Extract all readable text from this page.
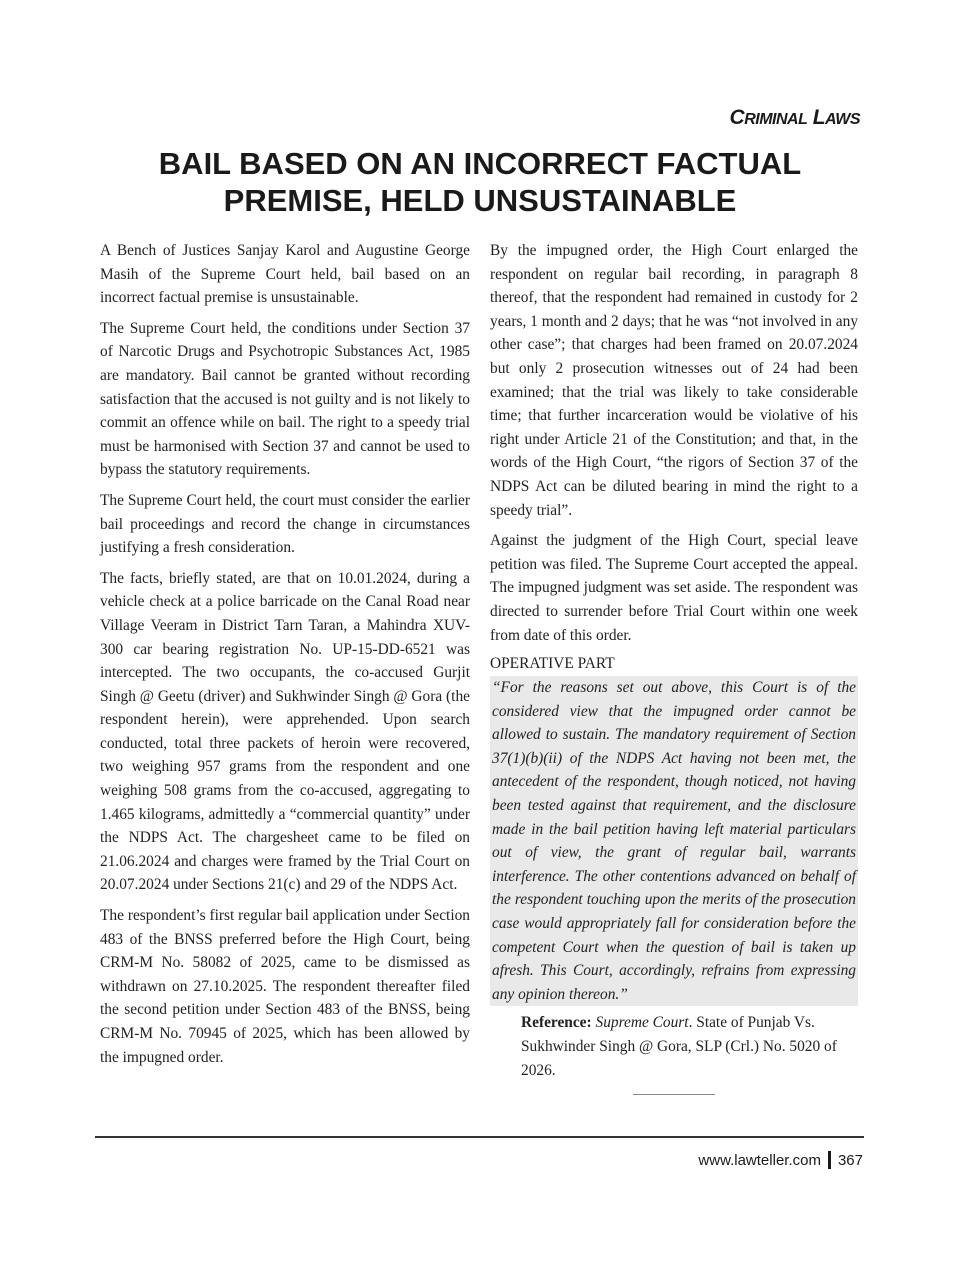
CRIMINAL LAWS
BAIL BASED ON AN INCORRECT FACTUAL
PREMISE, HELD UNSUSTAINABLE

A Bench of Justices Sanjay Karol and Augustine George Masih of the Supreme Court held, bail based on an incorrect factual premise is unsustainable.

The Supreme Court held, the conditions under Section 37 of Narcotic Drugs and Psychotropic Substances Act, 1985 are mandatory. Bail cannot be granted without recording satisfaction that the accused is not guilty and is not likely to commit an offence while on bail. The right to a speedy trial must be harmonised with Section 37 and cannot be used to bypass the statutory requirements.

The Supreme Court held, the court must consider the earlier bail proceedings and record the change in circumstances justifying a fresh consideration.

The facts, briefly stated, are that on 10.01.2024, during a vehicle check at a police barricade on the Canal Road near Village Veeram in District Tarn Taran, a Mahindra XUV-300 car bearing registration No. UP-15-DD-6521 was intercepted. The two occupants, the co-accused Gurjit Singh @ Geetu (driver) and Sukhwinder Singh @ Gora (the respondent herein), were apprehended. Upon search conducted, total three packets of heroin were recovered, two weighing 957 grams from the respondent and one weighing 508 grams from the co-accused, aggregating to 1.465 kilograms, admittedly a “commercial quantity” under the NDPS Act. The chargesheet came to be filed on 21.06.2024 and charges were framed by the Trial Court on 20.07.2024 under Sections 21(c) and 29 of the NDPS Act.

The respondent’s first regular bail application under Section 483 of the BNSS preferred before the High Court, being CRM-M No. 58082 of 2025, came to be dismissed as withdrawn on 27.10.2025. The respondent thereafter filed the second petition under Section 483 of the BNSS, being CRM-M No. 70945 of 2025, which has been allowed by the impugned order.

By the impugned order, the High Court enlarged the respondent on regular bail recording, in paragraph 8 thereof, that the respondent had remained in custody for 2 years, 1 month and 2 days; that he was “not involved in any other case”; that charges had been framed on 20.07.2024 but only 2 prosecution witnesses out of 24 had been examined; that the trial was likely to take considerable time; that further incarceration would be violative of his right under Article 21 of the Constitution; and that, in the words of the High Court, “the rigors of Section 37 of the NDPS Act can be diluted bearing in mind the right to a speedy trial”.

Against the judgment of the High Court, special leave petition was filed. The Supreme Court accepted the appeal. The impugned judgment was set aside. The respondent was directed to surrender before Trial Court within one week from date of this order.

OPERATIVE PART
“For the reasons set out above, this Court is of the considered view that the impugned order cannot be allowed to sustain. The mandatory requirement of Section 37(1)(b)(ii) of the NDPS Act having not been met, the antecedent of the respondent, though noticed, not having been tested against that requirement, and the disclosure made in the bail petition having left material particulars out of view, the grant of regular bail, warrants interference. The other contentions advanced on behalf of the respondent touching upon the merits of the prosecution case would appropriately fall for consideration before the competent Court when the question of bail is taken up afresh. This Court, accordingly, refrains from expressing any opinion thereon.”
Reference: Supreme Court. State of Punjab Vs. Sukhwinder Singh @ Gora, SLP (Crl.) No. 5020 of 2026.
www.lawteller.com 367
